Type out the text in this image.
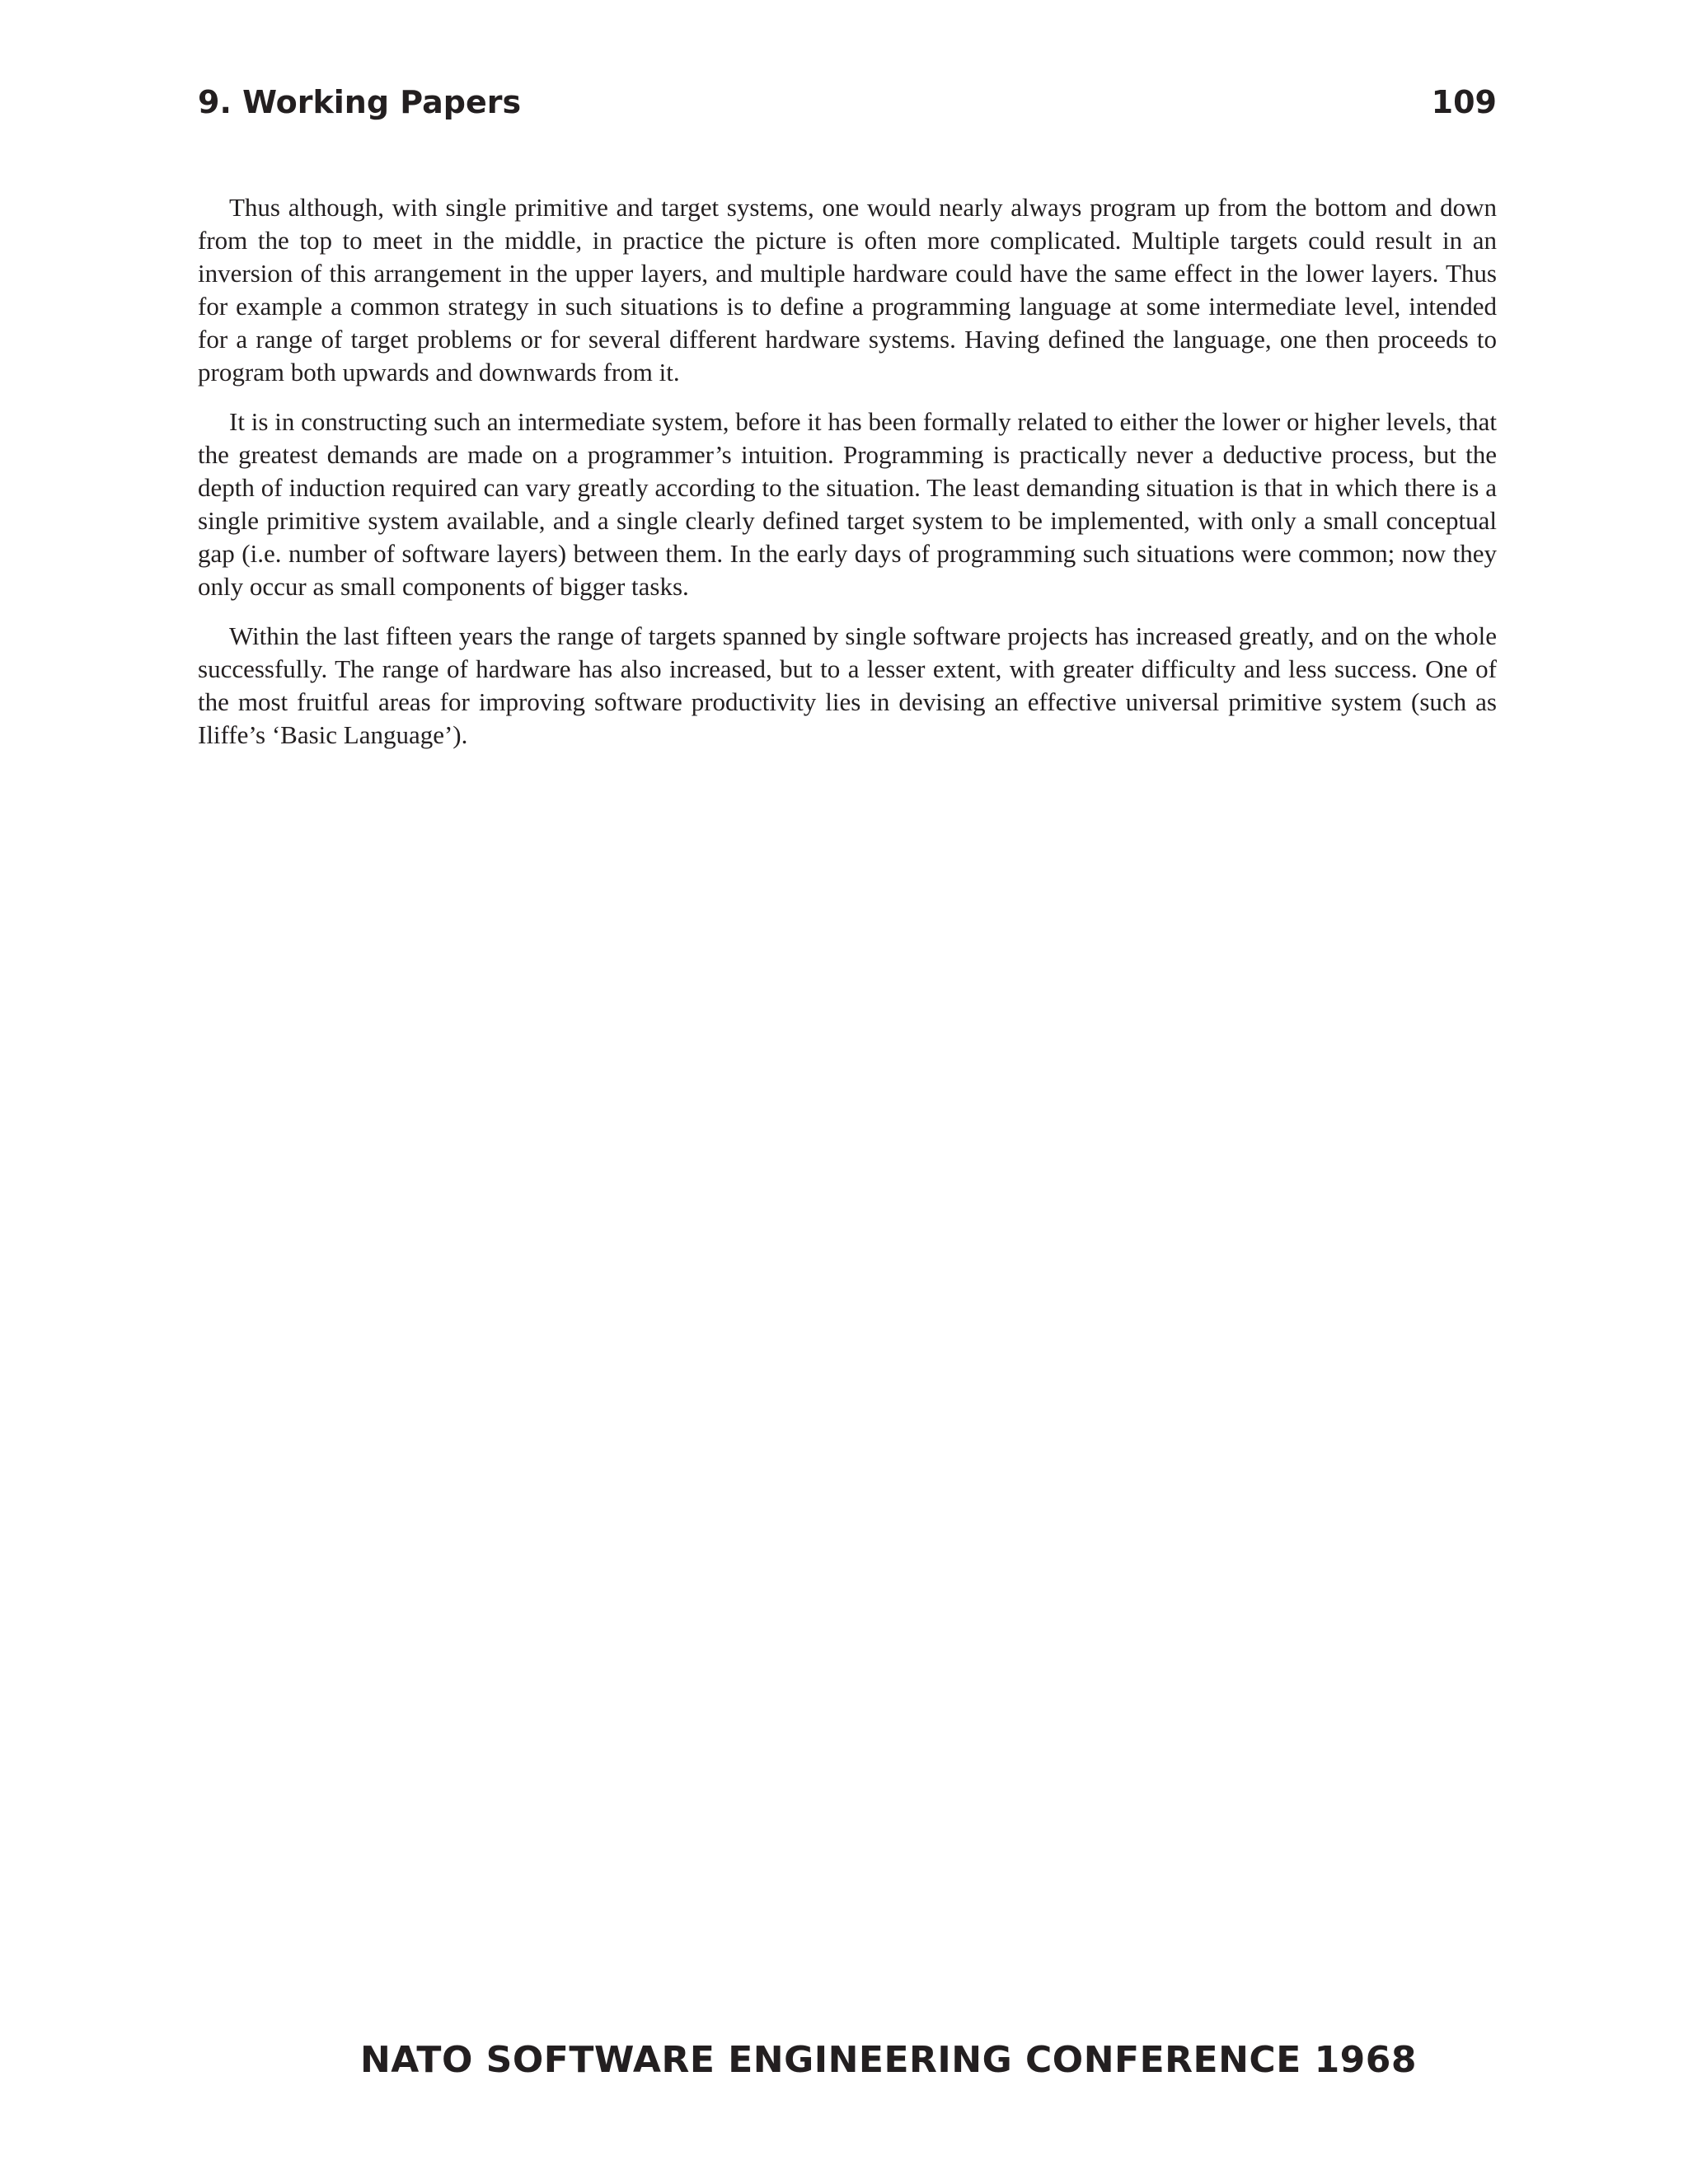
9. Working Papers	109

Thus although, with single primitive and target systems, one would nearly always program up from the bottom and down from the top to meet in the middle, in practice the picture is often more complicated. Multiple targets could result in an inversion of this arrangement in the upper layers, and multiple hardware could have the same effect in the lower layers. Thus for example a common strategy in such situations is to define a programming language at some intermediate level, intended for a range of target problems or for several different hardware systems. Having defined the language, one then proceeds to program both upwards and downwards from it.

It is in constructing such an intermediate system, before it has been formally related to either the lower or higher levels, that the greatest demands are made on a programmer’s intuition. Programming is practically never a deductive process, but the depth of induction required can vary greatly according to the situation. The least demanding situation is that in which there is a single primitive system available, and a single clearly defined target system to be implemented, with only a small conceptual gap (i.e. number of software layers) between them. In the early days of programming such situations were common; now they only occur as small components of bigger tasks.

Within the last fifteen years the range of targets spanned by single software projects has increased greatly, and on the whole successfully. The range of hardware has also increased, but to a lesser extent, with greater difficulty and less success. One of the most fruitful areas for improving software productivity lies in devising an effective universal primitive system (such as Iliffe’s ‘Basic Language’).

NATO SOFTWARE ENGINEERING CONFERENCE 1968
